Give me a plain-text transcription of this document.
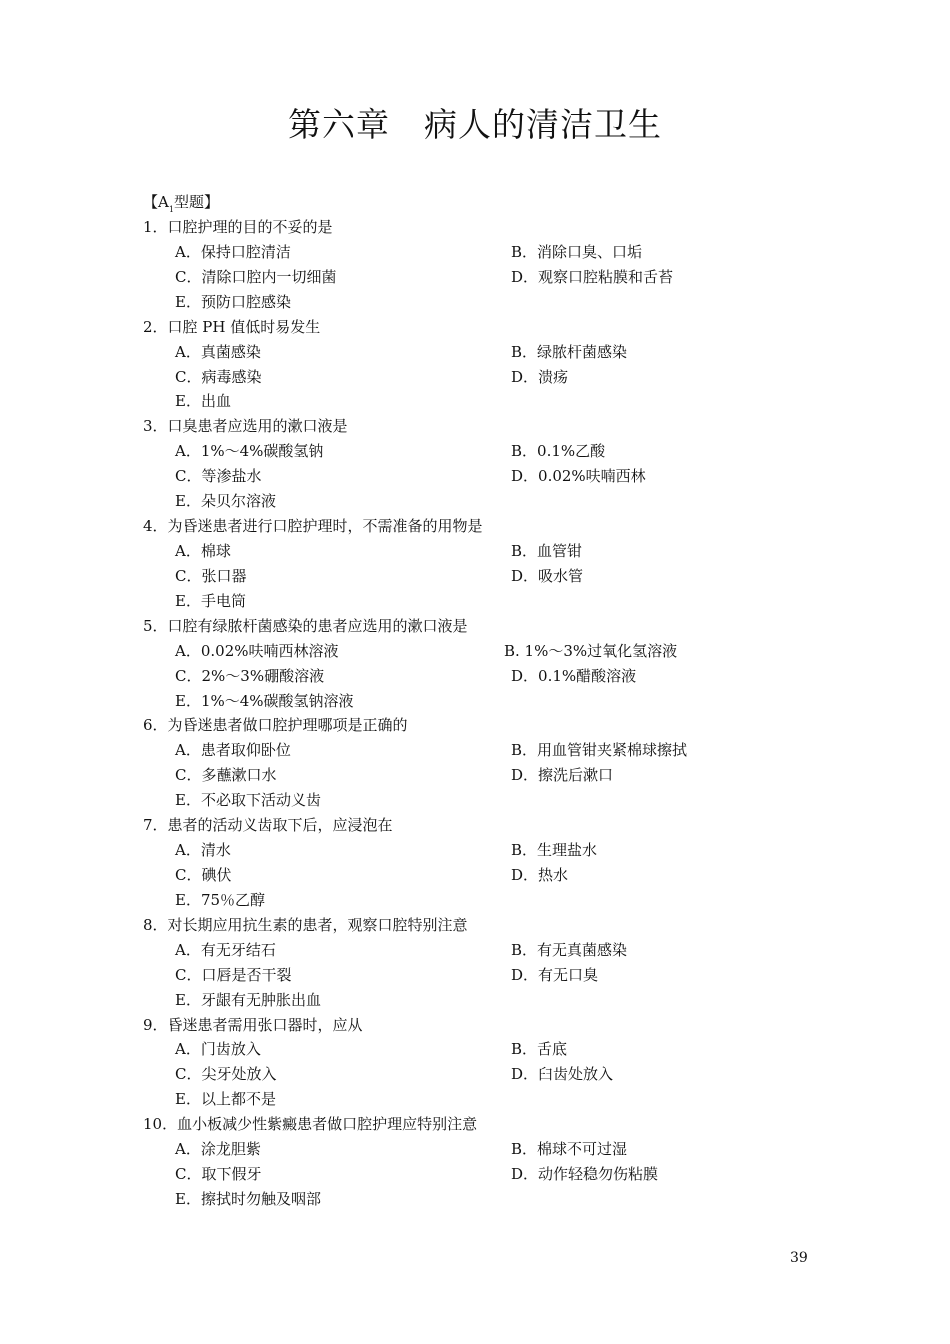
第六章　病人的清洁卫生
【$A_1$型题】
1．口腔护理的目的不妥的是
A．保持口腔清洁	B．消除口臭、口垢
C．清除口腔内一切细菌	D．观察口腔粘膜和舌苔
E．预防口腔感染
2．口腔 PH 值低时易发生
A．真菌感染	B．绿脓杆菌感染
C．病毒感染	D．溃疡
E．出血
3．口臭患者应选用的漱口液是
A．1%～4%碳酸氢钠	B．0.1%乙酸
C．等渗盐水	D．0.02%呋喃西林
E．朵贝尔溶液
4．为昏迷患者进行口腔护理时，不需准备的用物是
A．棉球	B．血管钳
C．张口器	D．吸水管
E．手电筒
5．口腔有绿脓杆菌感染的患者应选用的漱口液是
A．0.02%呋喃西林溶液	B. 1%～3%过氧化氢溶液
C．2%～3%硼酸溶液	D．0.1%醋酸溶液
E．1%～4%碳酸氢钠溶液
6．为昏迷患者做口腔护理哪项是正确的
A．患者取仰卧位	B．用血管钳夹紧棉球擦拭
C．多蘸漱口水	D．擦洗后漱口
E．不必取下活动义齿
7．患者的活动义齿取下后，应浸泡在
A．清水	B．生理盐水
C．碘伏	D．热水
E．75％乙醇
8．对长期应用抗生素的患者，观察口腔特别注意
A．有无牙结石	B．有无真菌感染
C．口唇是否干裂	D．有无口臭
E．牙龈有无肿胀出血
9．昏迷患者需用张口器时，应从
A．门齿放入	B．舌底
C．尖牙处放入	D．臼齿处放入
E．以上都不是
10．血小板减少性紫癜患者做口腔护理应特别注意
A．涂龙胆紫	B．棉球不可过湿
C．取下假牙	D．动作轻稳勿伤粘膜
E．擦拭时勿触及咽部
39
